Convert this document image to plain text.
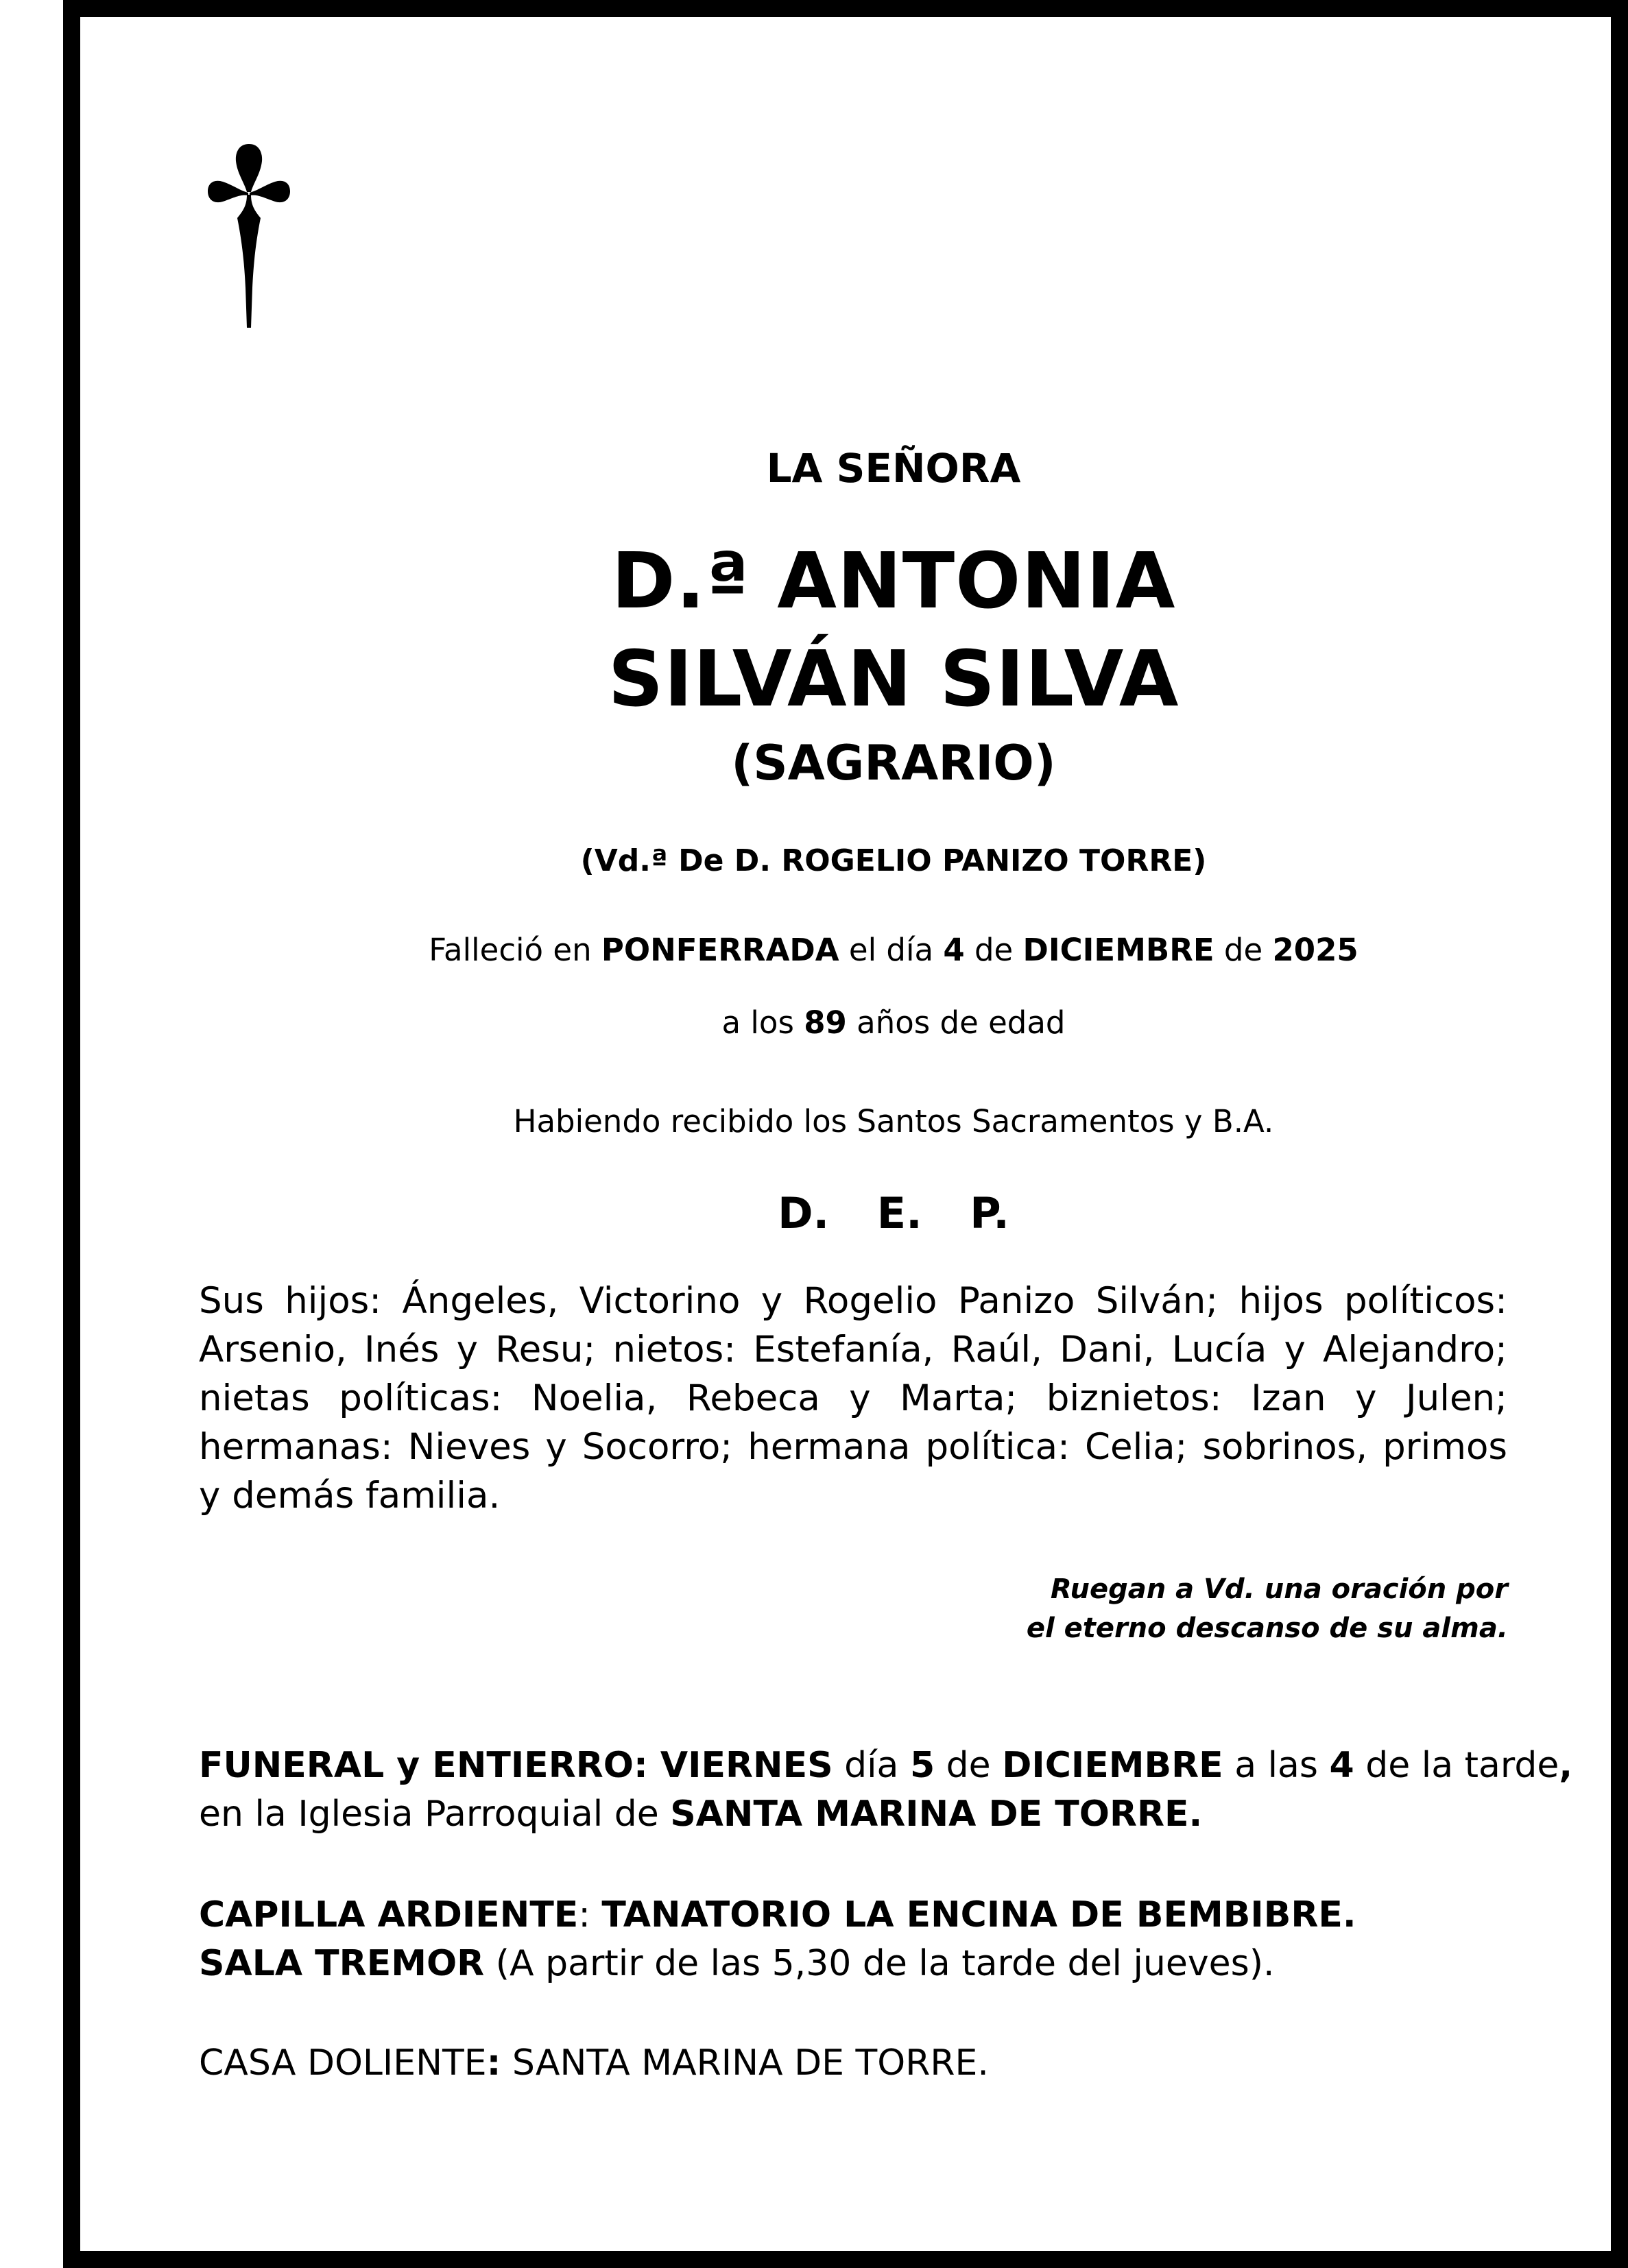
LA SEÑORA
D.ª ANTONIA
SILVÁN SILVA
(SAGRARIO)
(Vd.ª De D. ROGELIO PANIZO TORRE)
Falleció en PONFERRADA el día 4 de DICIEMBRE de 2025
a los 89 años de edad
Habiendo recibido los Santos Sacramentos y B.A.
D. E. P.
Sus hijos: Ángeles, Victorino y Rogelio Panizo Silván; hijos políticos: Arsenio, Inés y Resu; nietos: Estefanía, Raúl, Dani, Lucía y Alejandro; nietas políticas: Noelia, Rebeca y Marta; biznietos: Izan y Julen; hermanas: Nieves y Socorro; hermana política: Celia; sobrinos, primos y demás familia.
Ruegan a Vd. una oración por
el eterno descanso de su alma.
FUNERAL y ENTIERRO: VIERNES día 5 de DICIEMBRE a las 4 de la tarde,
en la Iglesia Parroquial de SANTA MARINA DE TORRE.
CAPILLA ARDIENTE: TANATORIO LA ENCINA DE BEMBIBRE.
SALA TREMOR (A partir de las 5,30 de la tarde del jueves).
CASA DOLIENTE: SANTA MARINA DE TORRE.
